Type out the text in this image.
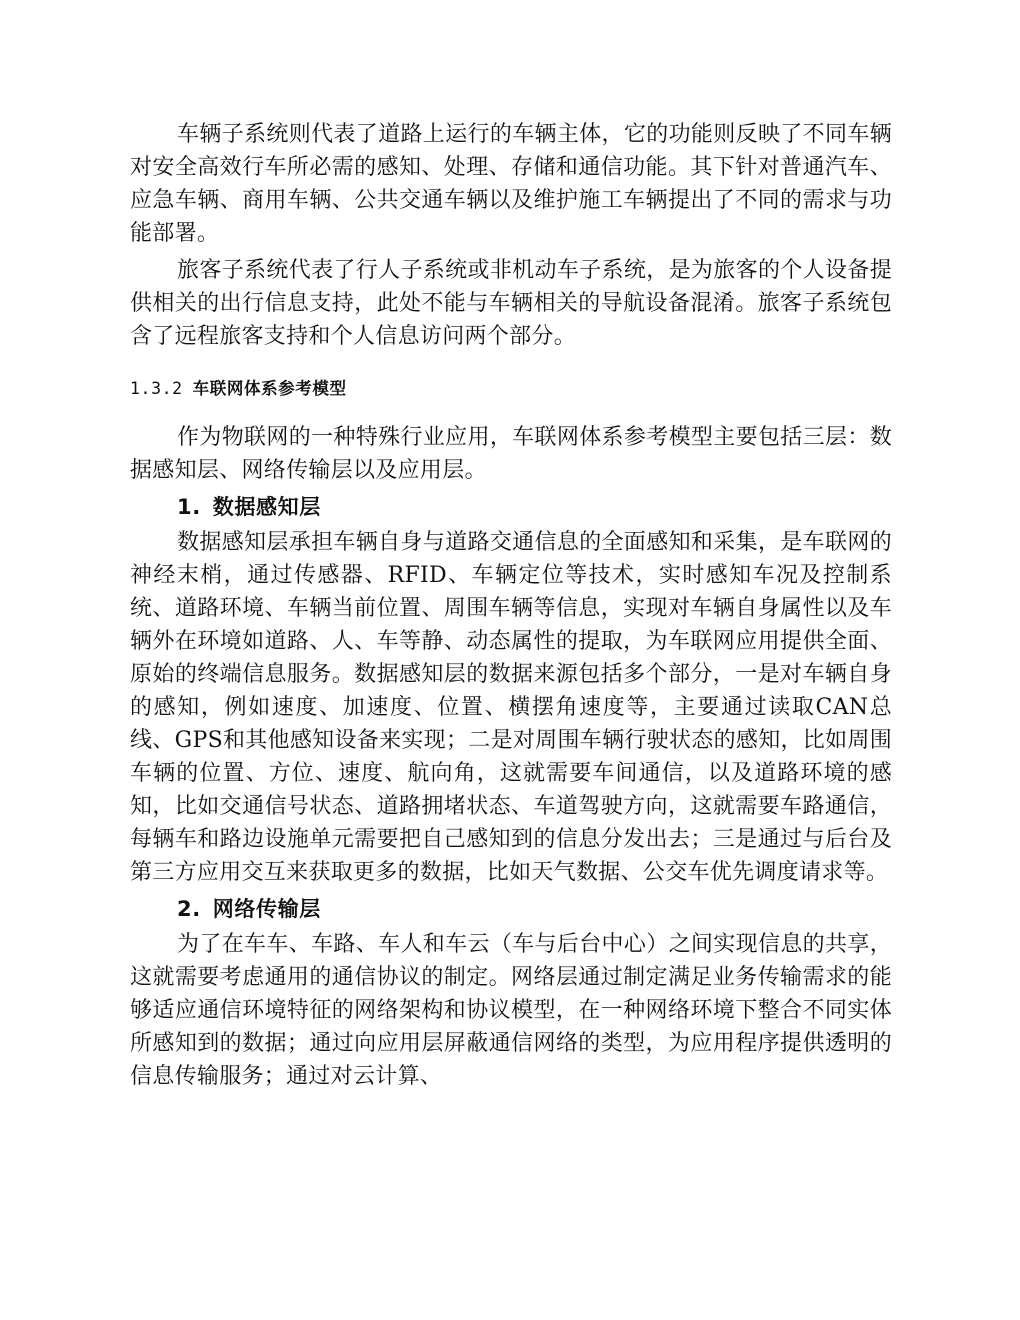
车辆子系统则代表了道路上运行的车辆主体，它的功能则反映了不同车辆对安全高效行车所必需的感知、处理、存储和通信功能。其下针对普通汽车、应急车辆、商用车辆、公共交通车辆以及维护施工车辆提出了不同的需求与功能部署。

旅客子系统代表了行人子系统或非机动车子系统，是为旅客的个人设备提供相关的出行信息支持，此处不能与车辆相关的导航设备混淆。旅客子系统包含了远程旅客支持和个人信息访问两个部分。

1.3.2 车联网体系参考模型

作为物联网的一种特殊行业应用，车联网体系参考模型主要包括三层：数据感知层、网络传输层以及应用层。

1. 数据感知层

数据感知层承担车辆自身与道路交通信息的全面感知和采集，是车联网的神经末梢，通过传感器、RFID、车辆定位等技术，实时感知车况及控制系统、道路环境、车辆当前位置、周围车辆等信息，实现对车辆自身属性以及车辆外在环境如道路、人、车等静、动态属性的提取，为车联网应用提供全面、原始的终端信息服务。数据感知层的数据来源包括多个部分，一是对车辆自身的感知，例如速度、加速度、位置、横摆角速度等，主要通过读取CAN总线、GPS和其他感知设备来实现；二是对周围车辆行驶状态的感知，比如周围车辆的位置、方位、速度、航向角，这就需要车间通信，以及道路环境的感知，比如交通信号状态、道路拥堵状态、车道驾驶方向，这就需要车路通信，每辆车和路边设施单元需要把自己感知到的信息分发出去；三是通过与后台及第三方应用交互来获取更多的数据，比如天气数据、公交车优先调度请求等。

2. 网络传输层

为了在车车、车路、车人和车云（车与后台中心）之间实现信息的共享，这就需要考虑通用的通信协议的制定。网络层通过制定满足业务传输需求的能够适应通信环境特征的网络架构和协议模型，在一种网络环境下整合不同实体所感知到的数据；通过向应用层屏蔽通信网络的类型，为应用程序提供透明的信息传输服务；通过对云计算、
